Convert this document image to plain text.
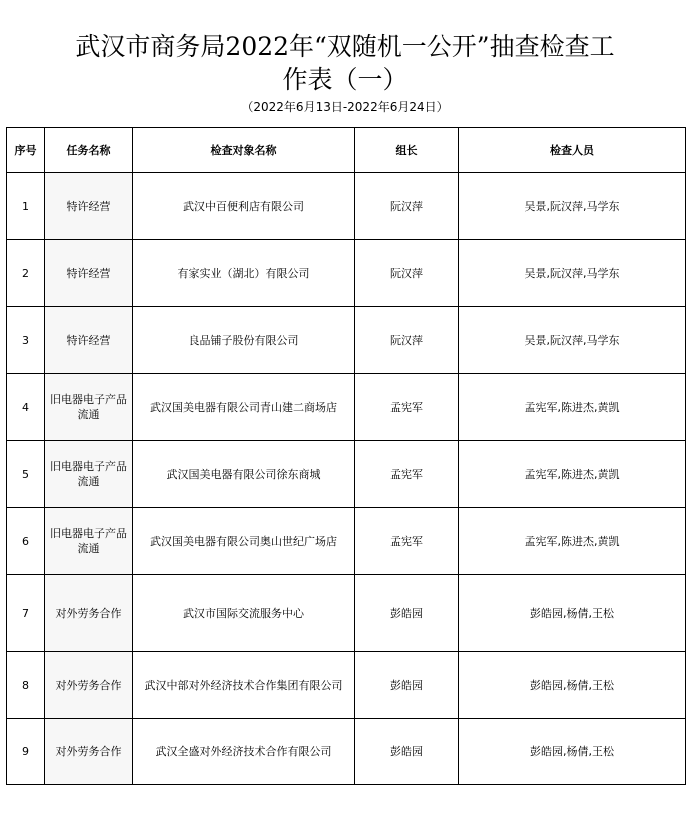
武汉市商务局2022年“双随机一公开”抽查检查工
作表（一）
（2022年6月13日-2022年6月24日）
序号	任务名称	检查对象名称	组长	检查人员
1	特许经营	武汉中百便利店有限公司	阮汉萍	吴景,阮汉萍,马学东
2	特许经营	有家实业（湖北）有限公司	阮汉萍	吴景,阮汉萍,马学东
3	特许经营	良品铺子股份有限公司	阮汉萍	吴景,阮汉萍,马学东
4	旧电器电子产品流通	武汉国美电器有限公司青山建二商场店	孟宪军	孟宪军,陈进杰,黄凯
5	旧电器电子产品流通	武汉国美电器有限公司徐东商城	孟宪军	孟宪军,陈进杰,黄凯
6	旧电器电子产品流通	武汉国美电器有限公司奥山世纪广场店	孟宪军	孟宪军,陈进杰,黄凯
7	对外劳务合作	武汉市国际交流服务中心	彭皓园	彭皓园,杨倩,王松
8	对外劳务合作	武汉中部对外经济技术合作集团有限公司	彭皓园	彭皓园,杨倩,王松
9	对外劳务合作	武汉全盛对外经济技术合作有限公司	彭皓园	彭皓园,杨倩,王松
